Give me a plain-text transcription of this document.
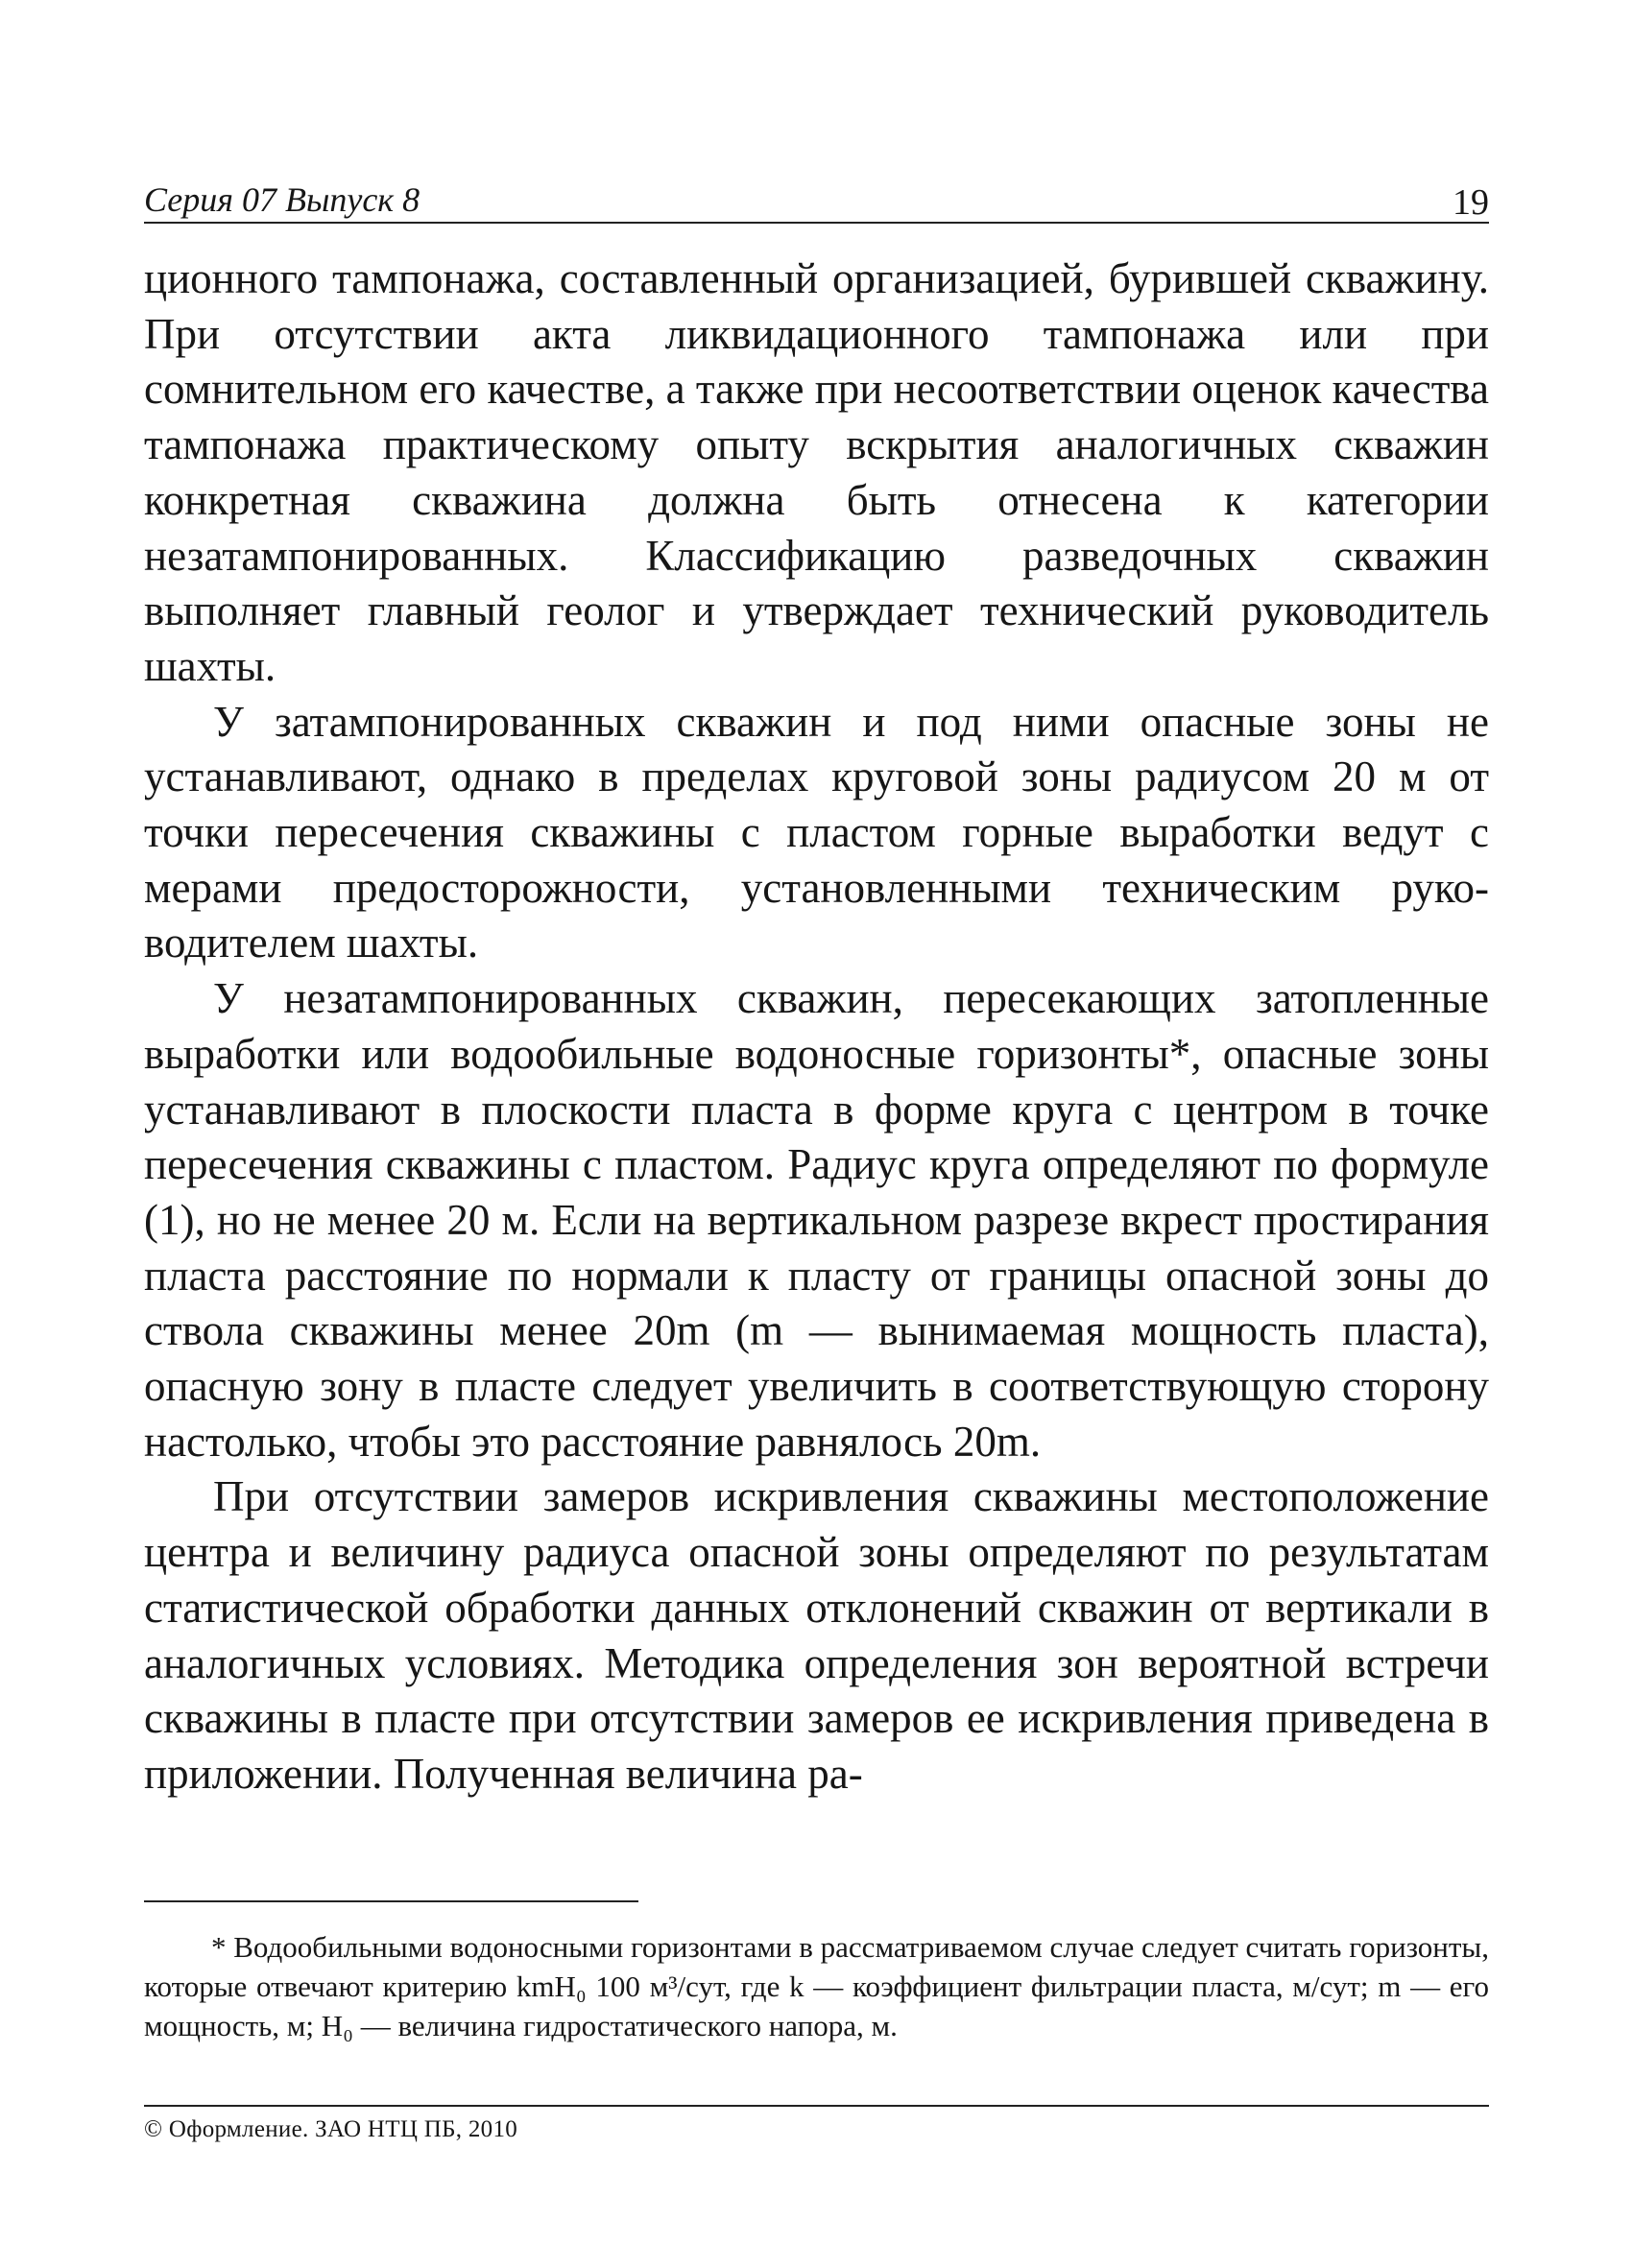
Серия 07 Выпуск 8	19

ционного тампонажа, составленный организацией, бурившей скважину. При отсутствии акта ликвидационного тампонажа или при сомнительном его качестве, а также при несоответствии оценок качества тампонажа практическому опыту вскрытия аналогичных скважин конкретная скважина должна быть отнесена к категории незатампонированных. Классификацию разведочных скважин выполняет главный геолог и утверждает технический руководитель шахты.

У затампонированных скважин и под ними опасные зоны не устанавливают, однако в пределах круговой зоны радиусом 20 м от точки пересечения скважины с пластом горные выработки ведут с мерами предосторожности, установленными техническим руководителем шахты.

У незатампонированных скважин, пересекающих затопленные выработки или водообильные водоносные горизонты*, опасные зоны устанавливают в плоскости пласта в форме круга с центром в точке пересечения скважины с пластом. Радиус круга определяют по формуле (1), но не менее 20 м. Если на вертикальном разрезе вкрест простирания пласта расстояние по нормали к пласту от границы опасной зоны до ствола скважины менее 20m (m — вынимаемая мощность пласта), опасную зону в пласте следует увеличить в соответствующую сторону настолько, чтобы это расстояние равнялось 20m.

При отсутствии замеров искривления скважины местоположение центра и величину радиуса опасной зоны определяют по результатам статистической обработки данных отклонений скважин от вертикали в аналогичных условиях. Методика определения зон вероятной встречи скважины в пласте при отсутствии замеров ее искривления приведена в приложении. Полученная величина ра-

* Водообильными водоносными горизонтами в рассматриваемом случае следует считать горизонты, которые отвечают критерию kmH₀ 100 м³/сут, где k — коэффициент фильтрации пласта, м/сут; m — его мощность, м; H₀ — величина гидростатического напора, м.

© Оформление. ЗАО НТЦ ПБ, 2010
